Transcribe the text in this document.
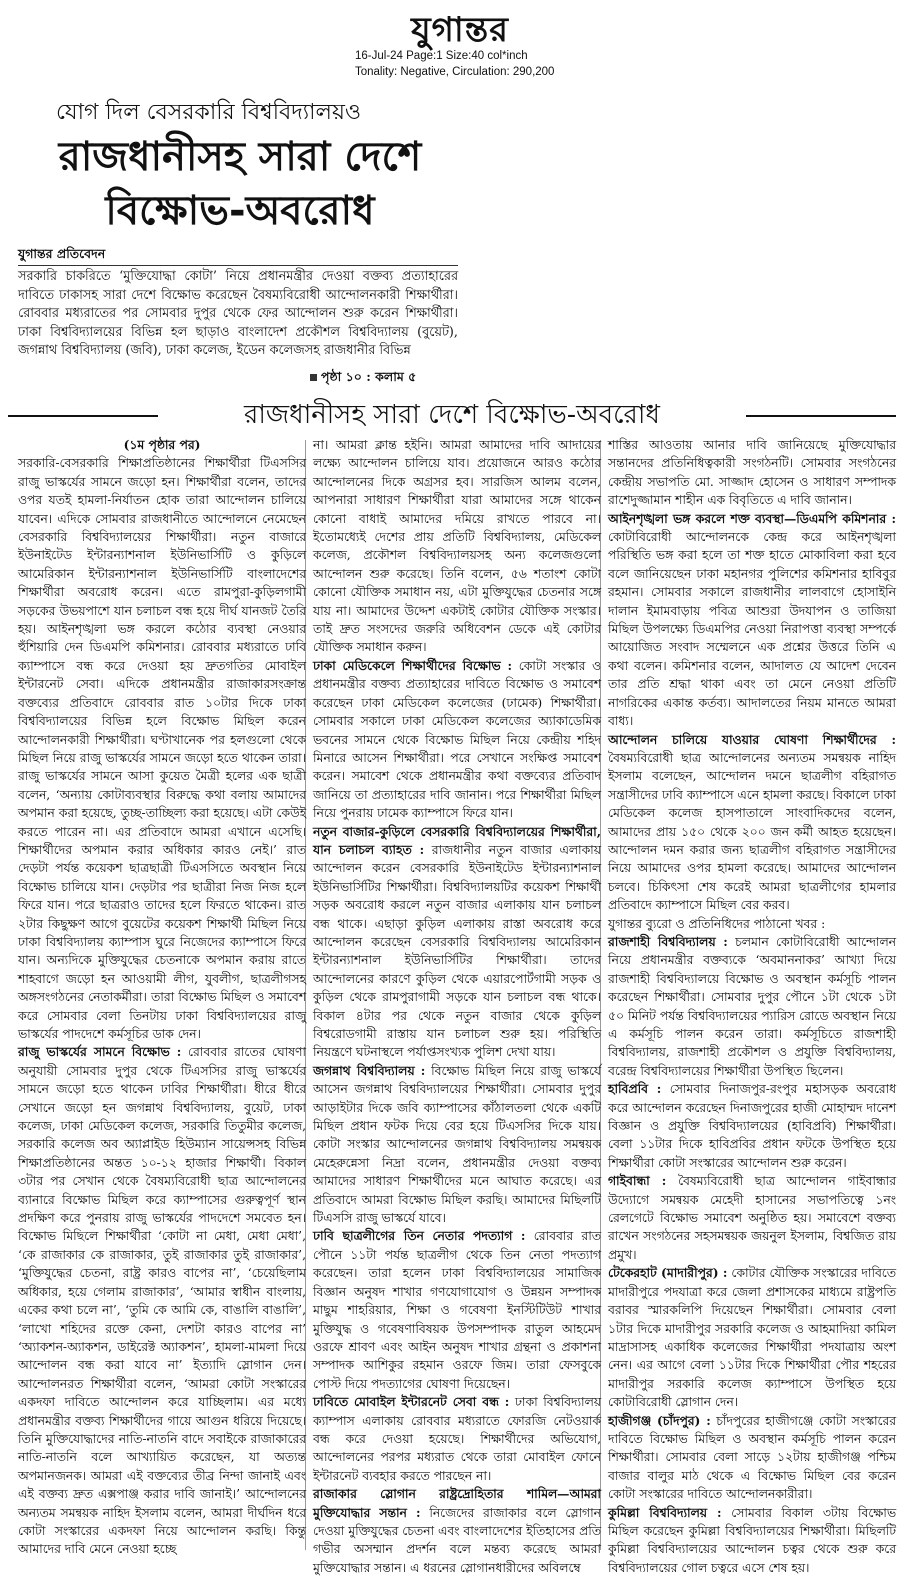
যুগান্তর
16-Jul-24 Page:1 Size:40 col*inch
Tonality: Negative, Circulation: 290,200
যোগ দিল বেসরকারি বিশ্ববিদ্যালয়ও
রাজধানীসহ সারা দেশে
বিক্ষোভ-অবরোধ
যুগান্তর প্রতিবেদন
সরকারি চাকরিতে ‘মুক্তিযোদ্ধা কোটা’ নিয়ে প্রধানমন্ত্রীর দেওয়া বক্তব্য প্রত্যাহারের দাবিতে ঢাকাসহ সারা দেশে বিক্ষোভ করেছেন বৈষম্যবিরোধী আন্দোলনকারী শিক্ষার্থীরা। রোববার মধ্যরাতের পর সোমবার দুপুর থেকে ফের আন্দোলন শুরু করেন শিক্ষার্থীরা। ঢাকা বিশ্ববিদ্যালয়ের বিভিন্ন হল ছাড়াও বাংলাদেশ প্রকৌশল বিশ্ববিদ্যালয় (বুয়েট), জগন্নাথ বিশ্ববিদ্যালয় (জবি), ঢাকা কলেজ, ইডেন কলেজসহ রাজধানীর বিভিন্ন
পৃষ্ঠা ১০ : কলাম ৫
রাজধানীসহ সারা দেশে বিক্ষোভ-অবরোধ

(১ম পৃষ্ঠার পর)

সরকারি-বেসরকারি শিক্ষাপ্রতিষ্ঠানের শিক্ষার্থীরা টিএসসির রাজু ভাস্কর্যের সামনে জড়ো হন। শিক্ষার্থীরা বলেন, তাদের ওপর যতই হামলা-নির্যাতন হোক তারা আন্দোলন চালিয়ে যাবেন। এদিকে সোমবার রাজধানীতে আন্দোলনে নেমেছেন বেসরকারি বিশ্ববিদ্যালয়ের শিক্ষার্থীরা। নতুন বাজারে ইউনাইটেড ইন্টারন্যাশনাল ইউনিভার্সিটি ও কুড়িলে আমেরিকান ইন্টারন্যাশনাল ইউনিভার্সিটি বাংলাদেশের শিক্ষার্থীরা অবরোধ করেন। এতে রামপুরা-কুড়িলগামী সড়কের উভয়পাশে যান চলাচল বন্ধ হয়ে দীর্ঘ যানজট তৈরি হয়। আইনশৃঙ্খলা ভঙ্গ করলে কঠোর ব্যবস্থা নেওয়ার হুঁশিয়ারি দেন ডিএমপি কমিশনার। রোববার মধ্যরাতে ঢাবি ক্যাম্পাসে বন্ধ করে দেওয়া হয় দ্রুতগতির মোবাইল ইন্টারনেট সেবা। এদিকে প্রধানমন্ত্রীর রাজাকারসংক্রান্ত বক্তব্যের প্রতিবাদে রোববার রাত ১০টার দিকে ঢাকা বিশ্ববিদ্যালয়ের বিভিন্ন হলে বিক্ষোভ মিছিল করেন আন্দোলনকারী শিক্ষার্থীরা। ঘণ্টাখানেক পর হলগুলো থেকে মিছিল নিয়ে রাজু ভাস্কর্যের সামনে জড়ো হতে থাকেন তারা। রাজু ভাস্কর্যের সামনে আসা কুয়েত মৈত্রী হলের এক ছাত্রী বলেন, ‘অন্যায় কোটাব্যবস্থার বিরুদ্ধে কথা বলায় আমাদের অপমান করা হয়েছে, তুচ্ছ-তাচ্ছিল্য করা হয়েছে। এটা কেউই করতে পারেন না। এর প্রতিবাদে আমরা এখানে এসেছি। শিক্ষার্থীদের অপমান করার অধিকার কারও নেই।’ রাত দেড়টা পর্যন্ত কয়েকশ ছাত্রছাত্রী টিএসসিতে অবস্থান নিয়ে বিক্ষোভ চালিয়ে যান। দেড়টার পর ছাত্রীরা নিজ নিজ হলে ফিরে যান। পরে ছাত্ররাও তাদের হলে ফিরতে থাকেন। রাত ২টার কিছুক্ষণ আগে বুয়েটের কয়েকশ শিক্ষার্থী মিছিল নিয়ে ঢাকা বিশ্ববিদ্যালয় ক্যাম্পাস ঘুরে নিজেদের ক্যাম্পাসে ফিরে যান। অন্যদিকে মুক্তিযুদ্ধের চেতনাকে অপমান করায় রাতে শাহবাগে জড়ো হন আওয়ামী লীগ, যুবলীগ, ছাত্রলীগসহ অঙ্গসংগঠনের নেতাকর্মীরা। তারা বিক্ষোভ মিছিল ও সমাবেশ করে সোমবার বেলা তিনটায় ঢাকা বিশ্ববিদ্যালয়ের রাজু ভাস্কর্যের পাদদেশে কর্মসূচির ডাক দেন।

রাজু ভাস্কর্যের সামনে বিক্ষোভ : রোববার রাতের ঘোষণা অনুযায়ী সোমবার দুপুর থেকে টিএসসির রাজু ভাস্কর্যের সামনে জড়ো হতে থাকেন ঢাবির শিক্ষার্থীরা। ধীরে ধীরে সেখানে জড়ো হন জগন্নাথ বিশ্ববিদ্যালয়, বুয়েট, ঢাকা কলেজ, ঢাকা মেডিকেল কলেজ, সরকারি তিতুমীর কলেজ, সরকারি কলেজ অব অ্যাপ্লাইড হিউম্যান সায়েন্সসহ বিভিন্ন শিক্ষাপ্রতিষ্ঠানের অন্তত ১০-১২ হাজার শিক্ষার্থী। বিকাল ৩টার পর সেখান থেকে বৈষম্যবিরোধী ছাত্র আন্দোলনের ব্যানারে বিক্ষোভ মিছিল করে ক্যাম্পাসের গুরুত্বপূর্ণ স্থান প্রদক্ষিণ করে পুনরায় রাজু ভাস্কর্যের পাদদেশে সমবেত হন। বিক্ষোভ মিছিলে শিক্ষার্থীরা ‘কোটা না মেধা, মেধা মেধা’, ‘কে রাজাকার কে রাজাকার, তুই রাজাকার তুই রাজাকার’, ‘মুক্তিযুদ্ধের চেতনা, রাষ্ট্র কারও বাপের না’, ‘চেয়েছিলাম অধিকার, হয়ে গেলাম রাজাকার’, ‘আমার স্বাধীন বাংলায়, একের কথা চলে না’, ‘তুমি কে আমি কে, বাঙালি বাঙালি’, ‘লাখো শহিদের রক্তে কেনা, দেশটা কারও বাপের না’ ‘অ্যাকশন-অ্যাকশন, ডাইরেক্ট অ্যাকশন’, হামলা-মামলা দিয়ে আন্দোলন বন্ধ করা যাবে না’ ইত্যাদি স্লোগান দেন। আন্দোলনরত শিক্ষার্থীরা বলেন, ‘আমরা কোটা সংস্কারের একদফা দাবিতে আন্দোলন করে যাচ্ছিলাম। এর মধ্যে প্রধানমন্ত্রীর বক্তব্য শিক্ষার্থীদের গায়ে আগুন ধরিয়ে দিয়েছে। তিনি মুক্তিযোদ্ধাদের নাতি-নাতনি বাদে সবাইকে রাজাকারের নাতি-নাতনি বলে আখ্যায়িত করেছেন, যা অত্যন্ত অপমানজনক। আমরা এই বক্তব্যের তীব্র নিন্দা জানাই এবং এই বক্তব্য দ্রুত এক্সপাঞ্জ করার দাবি জানাই।’ আন্দোলনের অন্যতম সমন্বয়ক নাহিদ ইসলাম বলেন, আমরা দীর্ঘদিন ধরে কোটা সংস্কারের একদফা নিয়ে আন্দোলন করছি। কিন্তু আমাদের দাবি মেনে নেওয়া হচ্ছে

না। আমরা ক্লান্ত হইনি। আমরা আমাদের দাবি আদায়ের লক্ষ্যে আন্দোলন চালিয়ে যাব। প্রয়োজনে আরও কঠোর আন্দোলনের দিকে অগ্রসর হব। সারজিস আলম বলেন, আপনারা সাধারণ শিক্ষার্থীরা যারা আমাদের সঙ্গে থাকেন কোনো বাধাই আমাদের দমিয়ে রাখতে পারবে না। ইতোমধ্যেই দেশের প্রায় প্রতিটি বিশ্ববিদ্যালয়, মেডিকেল কলেজ, প্রকৌশল বিশ্ববিদ্যালয়সহ অন্য কলেজগুলো আন্দোলন শুরু করেছে। তিনি বলেন, ৫৬ শতাংশ কোটা কোনো যৌক্তিক সমাধান নয়, এটা মুক্তিযুদ্ধের চেতনার সঙ্গে যায় না। আমাদের উদ্দেশ একটাই কোটার যৌক্তিক সংস্কার। তাই দ্রুত সংসদের জরুরি অধিবেশন ডেকে এই কোটার যৌক্তিক সমাধান করুন।

ঢাকা মেডিকেলে শিক্ষার্থীদের বিক্ষোভ : কোটা সংস্কার ও প্রধানমন্ত্রীর বক্তব্য প্রত্যাহারের দাবিতে বিক্ষোভ ও সমাবেশ করেছেন ঢাকা মেডিকেল কলেজের (ঢামেক) শিক্ষার্থীরা। সোমবার সকালে ঢাকা মেডিকেল কলেজের অ্যাকাডেমিক ভবনের সামনে থেকে বিক্ষোভ মিছিল নিয়ে কেন্দ্রীয় শহিদ মিনারে আসেন শিক্ষার্থীরা। পরে সেখানে সংক্ষিপ্ত সমাবেশ করেন। সমাবেশ থেকে প্রধানমন্ত্রীর কথা বক্তব্যের প্রতিবাদ জানিয়ে তা প্রত্যাহারের দাবি জানান। পরে শিক্ষার্থীরা মিছিল নিয়ে পুনরায় ঢামেক ক্যাম্পাসে ফিরে যান।

নতুন বাজার-কুড়িলে বেসরকারি বিশ্ববিদ্যালয়ের শিক্ষার্থীরা, যান চলাচল ব্যাহত : রাজধানীর নতুন বাজার এলাকায় আন্দোলন করেন বেসরকারি ইউনাইটেড ইন্টারন্যাশনাল ইউনিভার্সিটির শিক্ষার্থীরা। বিশ্ববিদ্যালয়টির কয়েকশ শিক্ষার্থী সড়ক অবরোধ করলে নতুন বাজার এলাকায় যান চলাচল বন্ধ থাকে। এছাড়া কুড়িল এলাকায় রাস্তা অবরোধ করে আন্দোলন করেছেন বেসরকারি বিশ্ববিদ্যালয় আমেরিকান ইন্টারন্যাশনাল ইউনিভার্সিটির শিক্ষার্থীরা। তাদের আন্দোলনের কারণে কুড়িল থেকে এয়ারপোর্টগামী সড়ক ও কুড়িল থেকে রামপুরাগামী সড়কে যান চলাচল বন্ধ থাকে। বিকাল ৪টার পর থেকে নতুন বাজার থেকে কুড়িল বিশ্বরোডগামী রাস্তায় যান চলাচল শুরু হয়। পরিস্থিতি নিয়ন্ত্রণে ঘটনাস্থলে পর্যাপ্তসংখ্যক পুলিশ দেখা যায়।

জগন্নাথ বিশ্ববিদ্যালয় : বিক্ষোভ মিছিল নিয়ে রাজু ভাস্কর্যে আসেন জগন্নাথ বিশ্ববিদ্যালয়ের শিক্ষার্থীরা। সোমবার দুপুর আড়াইটার দিকে জবি ক্যাম্পাসের কাঁঠালতলা থেকে একটি মিছিল প্রধান ফটক দিয়ে বের হয়ে টিএসসির দিকে যায়। কোটা সংস্কার আন্দোলনের জগন্নাথ বিশ্ববিদ্যালয় সমন্বয়ক মেহেরুন্নেসা নিদ্রা বলেন, প্রধানমন্ত্রীর দেওয়া বক্তব্য আমাদের সাধারণ শিক্ষার্থীদের মনে আঘাত করেছে। এর প্রতিবাদে আমরা বিক্ষোভ মিছিল করছি। আমাদের মিছিলটি টিএসসি রাজু ভাস্কর্যে যাবে।

ঢাবি ছাত্রলীগের তিন নেতার পদত্যাগ : রোববার রাত পৌনে ১১টা পর্যন্ত ছাত্রলীগ থেকে তিন নেতা পদত্যাগ করেছেন। তারা হলেন ঢাকা বিশ্ববিদ্যালয়ের সামাজিক বিজ্ঞান অনুষদ শাখার গণযোগাযোগ ও উন্নয়ন সম্পাদক মাছুম শাহরিয়ার, শিক্ষা ও গবেষণা ইনস্টিটিউট শাখার মুক্তিযুদ্ধ ও গবেষণাবিষয়ক উপসম্পাদক রাতুল আহমেদ ওরফে শ্রাবণ এবং আইন অনুষদ শাখার গ্রন্থনা ও প্রকাশনা সম্পাদক আশিকুর রহমান ওরফে জিম। তারা ফেসবুকে পোস্ট দিয়ে পদত্যাগের ঘোষণা দিয়েছেন।

ঢাবিতে মোবাইল ইন্টারনেট সেবা বন্ধ : ঢাকা বিশ্ববিদ্যালয় ক্যাম্পাস এলাকায় রোববার মধ্যরাতে ফোরজি নেটওয়ার্ক বন্ধ করে দেওয়া হয়েছে। শিক্ষার্থীদের অভিযোগ, আন্দোলনের পরপর মধ্যরাত থেকে তারা মোবাইল ফোনে ইন্টারনেট ব্যবহার করতে পারছেন না।

রাজাকার স্লোগান রাষ্ট্রদ্রোহিতার শামিল—আমরা মুক্তিযোদ্ধার সন্তান : নিজেদের রাজাকার বলে স্লোগান দেওয়া মুক্তিযুদ্ধের চেতনা এবং বাংলাদেশের ইতিহাসের প্রতি গভীর অসম্মান প্রদর্শন বলে মন্তব্য করেছে আমরা মুক্তিযোদ্ধার সন্তান। এ ধরনের স্লোগানধারীদের অবিলম্বে

শাস্তির আওতায় আনার দাবি জানিয়েছে মুক্তিযোদ্ধার সন্তানদের প্রতিনিধিত্বকারী সংগঠনটি। সোমবার সংগঠনের কেন্দ্রীয় সভাপতি মো. সাজ্জাদ হোসেন ও সাধারণ সম্পাদক রাশেদুজ্জামান শাহীন এক বিবৃতিতে এ দাবি জানান।

আইনশৃঙ্খলা ভঙ্গ করলে শক্ত ব্যবস্থা—ডিএমপি কমিশনার : কোটাবিরোধী আন্দোলনকে কেন্দ্র করে আইনশৃঙ্খলা পরিস্থিতি ভঙ্গ করা হলে তা শক্ত হাতে মোকাবিলা করা হবে বলে জানিয়েছেন ঢাকা মহানগর পুলিশের কমিশনার হাবিবুর রহমান। সোমবার সকালে রাজধানীর লালবাগে হোসাইনি দালান ইমামবাড়ায় পবিত্র আশুরা উদযাপন ও তাজিয়া মিছিল উপলক্ষ্যে ডিএমপির নেওয়া নিরাপত্তা ব্যবস্থা সম্পর্কে আয়োজিত সংবাদ সম্মেলনে এক প্রশ্নের উত্তরে তিনি এ কথা বলেন। কমিশনার বলেন, আদালত যে আদেশ দেবেন তার প্রতি শ্রদ্ধা থাকা এবং তা মেনে নেওয়া প্রতিটি নাগরিকের একান্ত কর্তব্য। আদালতের নিয়ম মানতে আমরা বাধ্য।

আন্দোলন চালিয়ে যাওয়ার ঘোষণা শিক্ষার্থীদের : বৈষম্যবিরোধী ছাত্র আন্দোলনের অন্যতম সমন্বয়ক নাহিদ ইসলাম বলেছেন, আন্দোলন দমনে ছাত্রলীগ বহিরাগত সন্ত্রাসীদের ঢাবি ক্যাম্পাসে এনে হামলা করছে। বিকালে ঢাকা মেডিকেল কলেজ হাসপাতালে সাংবাদিকদের বলেন, আমাদের প্রায় ১৫০ থেকে ২০০ জন কর্মী আহত হয়েছেন। আন্দোলন দমন করার জন্য ছাত্রলীগ বহিরাগত সন্ত্রাসীদের নিয়ে আমাদের ওপর হামলা করেছে। আমাদের আন্দোলন চলবে। চিকিৎসা শেষ করেই আমরা ছাত্রলীগের হামলার প্রতিবাদে ক্যাম্পাসে মিছিল বের করব।

যুগান্তর ব্যুরো ও প্রতিনিধিদের পাঠানো খবর :

রাজশাহী বিশ্ববিদ্যালয় : চলমান কোটাবিরোধী আন্দোলন নিয়ে প্রধানমন্ত্রীর বক্তব্যকে ‘অবমাননাকর’ আখ্যা দিয়ে রাজশাহী বিশ্ববিদ্যালয়ে বিক্ষোভ ও অবস্থান কর্মসূচি পালন করেছেন শিক্ষার্থীরা। সোমবার দুপুর পৌনে ১টা থেকে ১টা ৫০ মিনিট পর্যন্ত বিশ্ববিদ্যালয়ের প্যারিস রোডে অবস্থান নিয়ে এ কর্মসূচি পালন করেন তারা। কর্মসূচিতে রাজশাহী বিশ্ববিদ্যালয়, রাজশাহী প্রকৌশল ও প্রযুক্তি বিশ্ববিদ্যালয়, বরেন্দ্র বিশ্ববিদ্যালয়ের শিক্ষার্থীরা উপস্থিত ছিলেন।

হাবিপ্রবি : সোমবার দিনাজপুর-রংপুর মহাসড়ক অবরোধ করে আন্দোলন করেছেন দিনাজপুরের হাজী মোহাম্মদ দানেশ বিজ্ঞান ও প্রযুক্তি বিশ্ববিদ্যালয়ের (হাবিপ্রবি) শিক্ষার্থীরা। বেলা ১১টার দিকে হাবিপ্রবির প্রধান ফটকে উপস্থিত হয়ে শিক্ষার্থীরা কোটা সংস্কারের আন্দোলন শুরু করেন।

গাইবান্ধা : বৈষম্যবিরোধী ছাত্র আন্দোলন গাইবান্ধার উদ্যোগে সমন্বয়ক মেহেদী হাসানের সভাপতিত্বে ১নং রেলগেটে বিক্ষোভ সমাবেশ অনুষ্ঠিত হয়। সমাবেশে বক্তব্য রাখেন সংগঠনের সহসমন্বয়ক জয়নুল ইসলাম, বিশ্বজিত রায় প্রমুখ।

টেকেরহাট (মাদারীপুর) : কোটার যৌক্তিক সংস্কারের দাবিতে মাদারীপুরে পদযাত্রা করে জেলা প্রশাসকের মাধ্যমে রাষ্ট্রপতি বরাবর স্মারকলিপি দিয়েছেন শিক্ষার্থীরা। সোমবার বেলা ১টার দিকে মাদারীপুর সরকারি কলেজ ও আহমাদিয়া কামিল মাদ্রাসাসহ একাধিক কলেজের শিক্ষার্থীরা পদযাত্রায় অংশ নেন। এর আগে বেলা ১১টার দিকে শিক্ষার্থীরা পৌর শহরের মাদারীপুর সরকারি কলেজ ক্যাম্পাসে উপস্থিত হয়ে কোটাবিরোধী স্লোগান দেন।

হাজীগঞ্জ (চাঁদপুর) : চাঁদপুরের হাজীগঞ্জে কোটা সংস্কারের দাবিতে বিক্ষোভ মিছিল ও অবস্থান কর্মসূচি পালন করেন শিক্ষার্থীরা। সোমবার বেলা সাড়ে ১২টায় হাজীগঞ্জ পশ্চিম বাজার বালুর মাঠ থেকে এ বিক্ষোভ মিছিল বের করেন কোটা সংস্কারের দাবিতে আন্দোলনকারীরা।

কুমিল্লা বিশ্ববিদ্যালয় : সোমবার বিকাল ৩টায় বিক্ষোভ মিছিল করেছেন কুমিল্লা বিশ্ববিদ্যালয়ের শিক্ষার্থীরা। মিছিলটি কুমিল্লা বিশ্ববিদ্যালয়ের আন্দোলন চত্বর থেকে শুরু করে বিশ্ববিদ্যালয়ের গোল চত্বরে এসে শেষ হয়।
